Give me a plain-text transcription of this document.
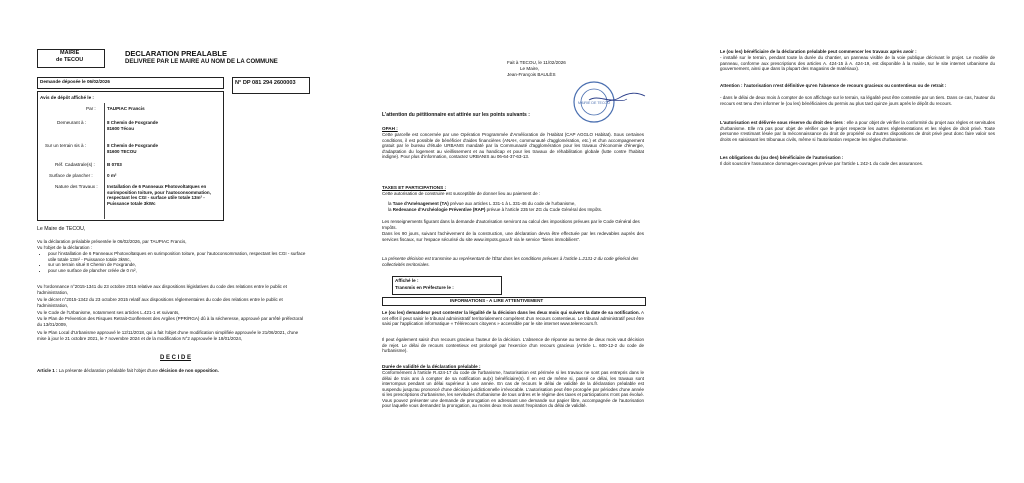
MAIRIE
de TECOU
DECLARATION PREALABLE
DELIVREE PAR LE MAIRE AU NOM DE LA COMMUNE
Demande déposée le 06/02/2026	N° DP 081 294 2600003
Avis de dépôt affiché le :
Par : TAUPIAC Francis
Demeurant à :	8 Chemin de Foxgrande
81600 Técou
Sur un terrain sis à :	8 Chemin de Foxgrande
81600 TECOU
Réf. Cadastrale(s) :	B 0703
Surface de plancher :	0 m²
Nature des Travaux : Installation de 6 Panneaux Photovoltaïques en surimposition toiture, pour l'autoconsommation, respectant les CGI - surface utile totale 13m² - Puissance totale 3kWc
Le Maire de TECOU,
Vu la déclaration préalable présentée le 06/02/2026, par TAUPIAC Francis,
Vu l'objet de la déclaration :
• pour l'installation de 6 Panneaux Photovoltaïques en surimposition toiture, pour l'autoconsommation, respectant les CGI - surface utile totale 13m² - Puissance totale 3kWc,
• sur un terrain situé 8 Chemin de Foxgrande,
• pour une surface de plancher créée de 0 m²,
Vu l'ordonnance n°2015-1341 du 23 octobre 2015 relative aux dispositions législatives du code des relations entre le public et l'administration,
Vu le décret n°2015-1342 du 23 octobre 2015 relatif aux dispositions réglementaires du code des relations entre le public et l'administration,
Vu le Code de l'Urbanisme, notamment ses articles L.421-1 et suivants,
Vu le Plan de Prévention des Risques Retrait-Gonflement des Argiles (PPR/RGA) dû à la sécheresse, approuvé par arrêté préfectoral du 13/01/2009,
Vu le Plan Local d'Urbanisme approuvé le 12/11/2018, qui a fait l'objet d'une modification simplifiée approuvée le 21/06/2021, d'une mise à jour le 21 octobre 2021, le 7 novembre 2024 et de la modification N°2 approuvée le 18/01/2024,
D E C I D E
Article 1 : La présente déclaration préalable fait l'objet d'une décision de non opposition.
Fait à TECOU, le 11/02/2026
Le Maire,
Jean-François BAULÈS
MAIRIE DE TECOU
L'attention du pétitionnaire est attirée sur les points suivants :
OPAH :
Cette parcelle est concernée par une Opération Programmée d'Amélioration de l'Habitat (CAP AGGLO Habitat). Sous certaines conditions, il est possible de bénéficier d'aides financières (ANAH, communauté d'agglomération, etc.) et d'un accompagnement gratuit par le bureau d'étude URBANIS mandaté par la Communauté d'agglomération pour les travaux d'économie d'énergie, d'adaptation du logement au vieillissement et au handicap et pour les travaux de réhabilitation globale (lutte contre l'habitat indigne). Pour plus d'information, contactez URBANIS au 06-64-37-63-13.
TAXES ET PARTICIPATIONS :
Cette autorisation de construire est susceptible de donner lieu au paiement de :
la Taxe d'Aménagement (TA) prévue aux articles L 331-1 à L 331-46 du code de l'urbanisme,
la Redevance d'Archéologie Préventive (RAP) prévue à l'article 235 ter ZG du Code Général des Impôts.
Les renseignements figurant dans la demande d'autorisation serviront au calcul des impositions prévues par le Code Général des Impôts.
Dans les 90 jours, suivant l'achèvement de la construction, une déclaration devra être effectuée par les redevables auprès des services fiscaux, sur l'espace sécurisé du site www.impots.gouv.fr via le service "biens immobiliers".
La présente décision est transmise au représentant de l'État dans les conditions prévues à l'article L.2131-2 du code général des collectivités territoriales.
Affiché le :
Transmis en Préfecture le :
INFORMATIONS - A LIRE ATTENTIVEMENT
Le (ou les) demandeur peut contester la légalité de la décision dans les deux mois qui suivent la date de sa notification. A cet effet il peut saisir le tribunal administratif territorialement compétent d'un recours contentieux. Le tribunal administratif peut être saisi par l'application informatique « Télérecours citoyens » accessible par le site internet www.telerecours.fr.
Il peut également saisir d'un recours gracieux l'auteur de la décision. L'absence de réponse au terme de deux mois vaut décision de rejet. Le délai de recours contentieux est prolongé par l'exercice d'un recours gracieux (Article L. 600-12-2 du code de l'urbanisme).
Durée de validité de la déclaration préalable :
Conformément à l'article R.424-17 du code de l'urbanisme, l'autorisation est périmée si les travaux ne sont pas entrepris dans le délai de trois ans à compter de sa notification au(x) bénéficiaire(s). Il en est de même si, passé ce délai, les travaux sont interrompus pendant un délai supérieur à une année. En cas de recours le délai de validité de la déclaration préalable est suspendu jusqu'au prononcé d'une décision juridictionnelle irrévocable. L'autorisation peut être prorogée par périodes d'une année si les prescriptions d'urbanisme, les servitudes d'urbanisme de tous ordres et le régime des taxes et participations n'ont pas évolué. Vous pouvez présenter une demande de prorogation en adressant une demande sur papier libre, accompagnée de l'autorisation pour laquelle vous demandez la prorogation, au moins deux mois avant l'expiration du délai de validité.
Le (ou les) bénéficiaire de la déclaration préalable peut commencer les travaux après avoir :
- installé sur le terrain, pendant toute la durée du chantier, un panneau visible de la voie publique décrivant le projet. Le modèle de panneau, conforme aux prescriptions des articles A. 424-15 à A. 424-19, est disponible à la mairie, sur le site internet urbanisme du gouvernement, ainsi que dans la plupart des magasins de matériaux).
Attention : l'autorisation n'est définitive qu'en l'absence de recours gracieux ou contentieux ou de retrait :
- dans le délai de deux mois à compter de son affichage sur le terrain, sa légalité peut être contestée par un tiers. Dans ce cas, l'auteur du recours est tenu d'en informer le (ou les) bénéficiaires du permis au plus tard quinze jours après le dépôt du recours.
L'autorisation est délivrée sous réserve du droit des tiers : elle a pour objet de vérifier la conformité du projet aux règles et servitudes d'urbanisme. Elle n'a pas pour objet de vérifier que le projet respecte les autres réglementations et les règles de droit privé. Toute personne s'estimant lésée par la méconnaissance du droit de propriété ou d'autres dispositions de droit privé peut donc faire valoir ses droits en saisissant les tribunaux civils, même si l'autorisation respecte les règles d'urbanisme.
Les obligations du (ou des) bénéficiaire de l'autorisation :
Il doit souscrire l'assurance dommages-ouvrages prévue par l'article L 242-1 du code des assurances.
